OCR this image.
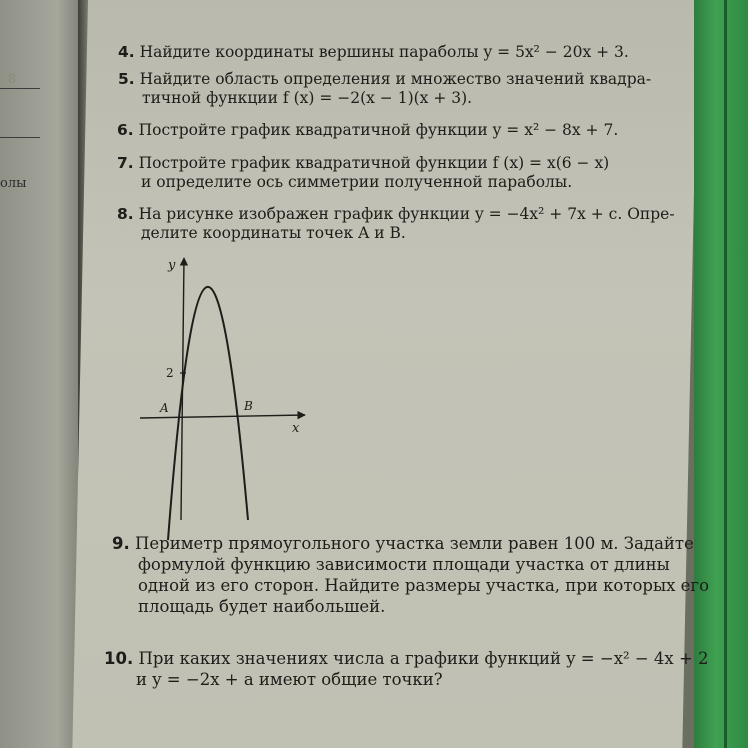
8
олы
4. Найдите координаты вершины параболы y = 5x² − 20x + 3.
5. Найдите область определения и множество значений квадра-
тичной функции f (x) = −2(x − 1)(x + 3).
6. Постройте график квадратичной функции y = x² − 8x + 7.
7. Постройте график квадратичной функции f (x) = x(6 − x)
и определите ось симметрии полученной параболы.
8. На рисунке изображен график функции y = −4x² + 7x + c. Опре-
делите координаты точек A и B.
y
x
2
A	B
9. Периметр прямоугольного участка земли равен 100 м. Задайте
формулой функцию зависимости площади участка от длины
одной из его сторон. Найдите размеры участка, при которых его
площадь будет наибольшей.
10. При каких значениях числа a графики функций y = −x² − 4x + 2
и y = −2x + a имеют общие точки?
